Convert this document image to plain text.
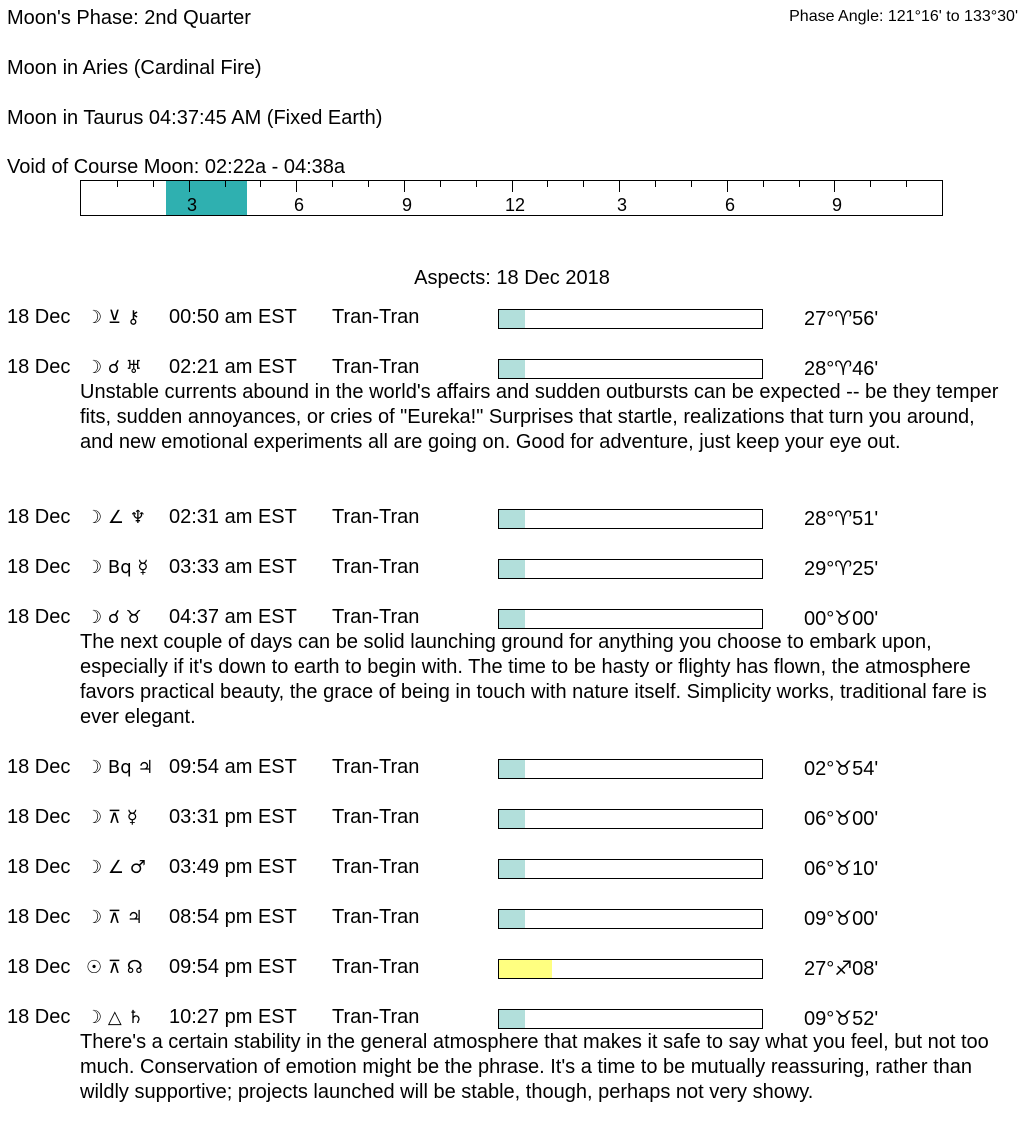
Moon's Phase: 2nd Quarter	Phase Angle: 121°16' to 133°30'
Moon in Aries (Cardinal Fire)
Moon in Taurus 04:37:45 AM (Fixed Earth)
Void of Course Moon: 02:22a - 04:38a
3	6	9	12	3	6	9
Aspects: 18 Dec 2018
18 Dec ☽ ⊻ ⚷ 00:50 am EST Tran-Tran	27°♈56'
18 Dec ☽ ☌ ♅ 02:21 am EST Tran-Tran	28°♈46'
Unstable currents abound in the world's affairs and sudden outbursts can be expected -- be they temper fits, sudden annoyances, or cries of "Eureka!" Surprises that startle, realizations that turn you around, and new emotional experiments all are going on. Good for adventure, just keep your eye out.
18 Dec ☽ ∠ ♆ 02:31 am EST Tran-Tran	28°♈51'
18 Dec ☽ Bq ☿ 03:33 am EST Tran-Tran	29°♈25'
18 Dec ☽ ☌ ♉ 04:37 am EST Tran-Tran	00°♉00'
The next couple of days can be solid launching ground for anything you choose to embark upon, especially if it's down to earth to begin with. The time to be hasty or flighty has flown, the atmosphere favors practical beauty, the grace of being in touch with nature itself. Simplicity works, traditional fare is ever elegant.
18 Dec ☽ Bq ♃ 09:54 am EST Tran-Tran	02°♉54'
18 Dec ☽ ⊼ ☿ 03:31 pm EST Tran-Tran	06°♉00'
18 Dec ☽ ∠ ♂ 03:49 pm EST Tran-Tran	06°♉10'
18 Dec ☽ ⊼ ♃ 08:54 pm EST Tran-Tran	09°♉00'
18 Dec ☉ ⊼ ☊ 09:54 pm EST Tran-Tran	27°♐08'
18 Dec ☽ △ ♄ 10:27 pm EST Tran-Tran	09°♉52'
There's a certain stability in the general atmosphere that makes it safe to say what you feel, but not too much. Conservation of emotion might be the phrase. It's a time to be mutually reassuring, rather than wildly supportive; projects launched will be stable, though, perhaps not very showy.
